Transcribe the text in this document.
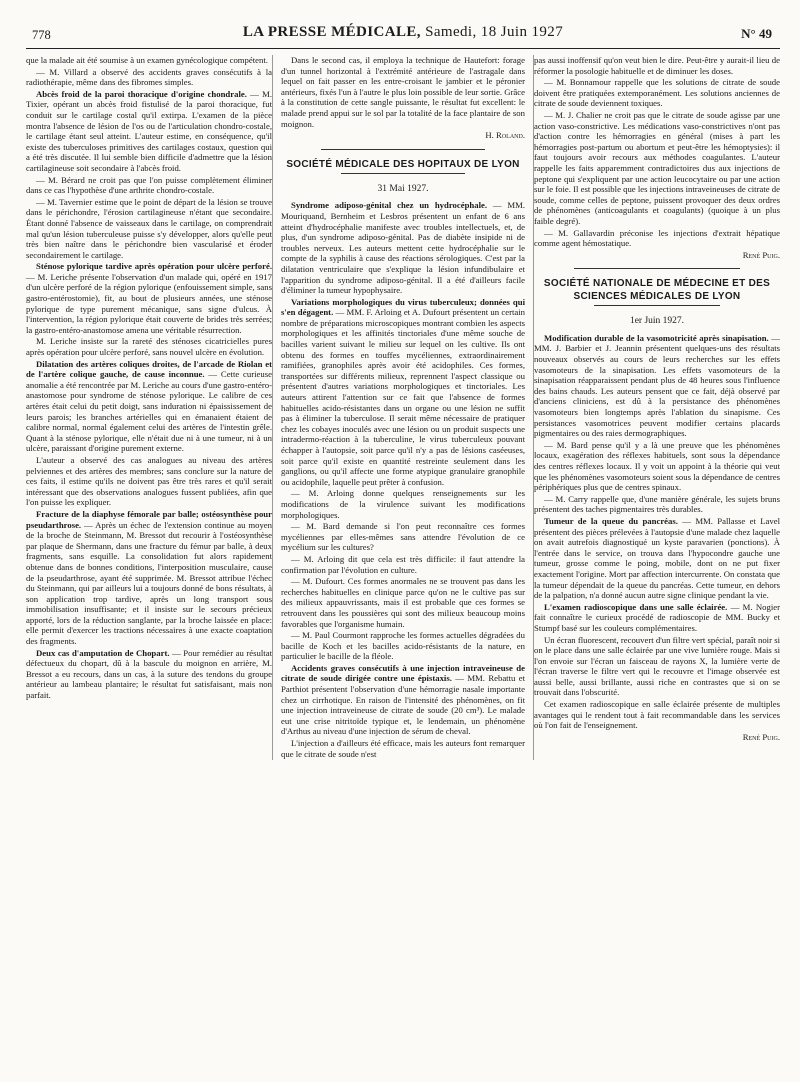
778	LA PRESSE MÉDICALE, Samedi, 18 Juin 1927	N° 49

que la malade ait été soumise à un examen gynécologique compétent.

— M. Villard a observé des accidents graves consécutifs à la radiothérapie, même dans des fibromes simples.

Abcès froid de la paroi thoracique d'origine chondrale. — M. Tixier, opérant un abcès froid fistulisé de la paroi thoracique, fut conduit sur le cartilage costal qu'il extirpa. L'examen de la pièce montra l'absence de lésion de l'os ou de l'articulation chondro-costale, le cartilage étant seul atteint. L'auteur estime, en conséquence, qu'il existe des tuberculoses primitives des cartilages costaux, question qui a été très discutée. Il lui semble bien difficile d'admettre que la lésion cartilagineuse soit secondaire à l'abcès froid.

— M. Bérard ne croit pas que l'on puisse complètement éliminer dans ce cas l'hypothèse d'une arthrite chondro-costale.

— M. Tavernier estime que le point de départ de la lésion se trouve dans le périchondre, l'érosion cartilagineuse n'étant que secondaire. Étant donné l'absence de vaisseaux dans le cartilage, on comprendrait mal qu'un lésion tuberculeuse puisse s'y développer, alors qu'elle peut très bien naître dans le périchondre bien vascularisé et éroder secondairement le cartilage.

Sténose pylorique tardive après opération pour ulcère perforé. — M. Leriche présente l'observation d'un malade qui, opéré en 1917 d'un ulcère perforé de la région pylorique (enfouissement simple, sans gastro-entérostomie), fit, au bout de plusieurs années, une sténose pylorique de type purement mécanique, sans signe d'ulcus. À l'intervention, la région pylorique était couverte de brides très serrées; la gastro-entéro-anastomose amena une véritable résurrection.

M. Leriche insiste sur la rareté des sténoses cicatricielles pures après opération pour ulcère perforé, sans nouvel ulcère en évolution.

Dilatation des artères coliques droites, de l'arcade de Riolan et de l'artère colique gauche, de cause inconnue. — Cette curieuse anomalie a été rencontrée par M. Leriche au cours d'une gastro-entéro-anastomose pour syndrome de sténose pylorique. Le calibre de ces artères était celui du petit doigt, sans induration ni épaississement de leurs parois; les branches artérielles qui en émanaient étaient de calibre normal, normal également celui des artères de l'intestin grêle. Quant à la sténose pylorique, elle n'était due ni à une tumeur, ni à un ulcère, paraissant d'origine purement externe.

L'auteur a observé des cas analogues au niveau des artères pelviennes et des artères des membres; sans conclure sur la nature de ces faits, il estime qu'ils ne doivent pas être très rares et qu'il serait intéressant que des observations analogues fussent publiées, afin que l'on puisse les expliquer.

Fracture de la diaphyse fémorale par balle; ostéosynthèse pour pseudarthrose. — Après un échec de l'extension continue au moyen de la broche de Steinmann, M. Bressot dut recourir à l'ostéosynthèse par plaque de Shermann, dans une fracture du fémur par balle, à deux fragments, sans esquille. La consolidation fut alors rapidement obtenue dans de bonnes conditions, l'interposition musculaire, cause de la pseudarthrose, ayant été supprimée. M. Bressot attribue l'échec du Steinmann, qui par ailleurs lui a toujours donné de bons résultats, à son application trop tardive, après un long transport sous immobilisation insuffisante; et il insiste sur le secours précieux apporté, lors de la réduction sanglante, par la broche laissée en place: elle permit d'exercer les tractions nécessaires à une exacte coaptation des fragments.

Deux cas d'amputation de Chopart. — Pour remédier au résultat défectueux du chopart, dû à la bascule du moignon en arrière, M. Bressot a eu recours, dans un cas, à la suture des tendons du groupe antérieur au lambeau plantaire; le résultat fut satisfaisant, mais non parfait.

Dans le second cas, il employa la technique de Hautefort: forage d'un tunnel horizontal à l'extrémité antérieure de l'astragale dans lequel on fait passer en les entre-croisant le jambier et le péronier antérieurs, fixés l'un à l'autre le plus loin possible de leur sortie. Grâce à la constitution de cette sangle puissante, le résultat fut excellent: le malade prend appui sur le sol par la totalité de la face plantaire de son moignon.

H. Roland.

SOCIÉTÉ MÉDICALE DES HOPITAUX DE LYON
31 Mai 1927.

Syndrome adiposo-génital chez un hydrocéphale. — MM. Mouriquand, Bernheim et Lesbros présentent un enfant de 6 ans atteint d'hydrocéphalie manifeste avec troubles intellectuels, et, de plus, d'un syndrome adiposo-génital. Pas de diabète insipide ni de troubles nerveux. Les auteurs mettent cette hydrocéphalie sur le compte de la syphilis à cause des réactions sérologiques. C'est par la dilatation ventriculaire que s'explique la lésion infundibulaire et l'apparition du syndrome adiposo-génital. Il a été d'ailleurs facile d'éliminer la tumeur hypophysaire.

Variations morphologiques du virus tuberculeux; données qui s'en dégagent. — MM. F. Arloing et A. Dufourt présentent un certain nombre de préparations microscopiques montrant combien les aspects morphologiques et les affinités tinctoriales d'une même souche de bacilles varient suivant le milieu sur lequel on les cultive. Ils ont obtenu des formes en touffes mycéliennes, extraordinairement ramifiées, granophiles après avoir été acidophiles. Ces formes, transportées sur différents milieux, reprennent l'aspect classique ou présentent d'autres variations morphologiques et tinctoriales. Les auteurs attirent l'attention sur ce fait que l'absence de formes habituelles acido-résistantes dans un organe ou une lésion ne suffit pas à éliminer la tuberculose. Il serait même nécessaire de pratiquer chez les cobayes inoculés avec une lésion ou un produit suspects une intradermo-réaction à la tuberculine, le virus tuberculeux pouvant échapper à l'autopsie, soit parce qu'il n'y a pas de lésions caséeuses, soit parce qu'il existe en quantité restreinte seulement dans les ganglions, ou qu'il affecte une forme atypique granulaire granophile ou acidophile, laquelle peut prêter à confusion.

— M. Arloing donne quelques renseignements sur les modifications de la virulence suivant les modifications morphologiques.

— M. Bard demande si l'on peut reconnaître ces formes mycéliennes par elles-mêmes sans attendre l'évolution de ce mycélium sur les cultures?

— M. Arloing dit que cela est très difficile: il faut attendre la confirmation par l'évolution en culture.

— M. Dufourt. Ces formes anormales ne se trouvent pas dans les recherches habituelles en clinique parce qu'on ne le cultive pas sur des milieux appauvrissants, mais il est probable que ces formes se retrouvent dans les poussières qui sont des milieux beaucoup moins favorables que l'organisme humain.

— M. Paul Courmont rapproche les formes actuelles dégradées du bacille de Koch et les bacilles acido-résistants de la nature, en particulier le bacille de la fléole.

Accidents graves consécutifs à une injection intraveineuse de citrate de soude dirigée contre une épistaxis. — MM. Rebattu et Parthiot présentent l'observation d'une hémorragie nasale importante chez un cirrhotique. En raison de l'intensité des phénomènes, on fit une injection intraveineuse de citrate de soude (20 cm³). Le malade eut une crise nitritoïde typique et, le lendemain, un phénomène d'Arthus au niveau d'une injection de sérum de cheval.

L'injection a d'ailleurs été efficace, mais les auteurs font remarquer que le citrate de soude n'est

pas aussi inoffensif qu'on veut bien le dire. Peut-être y aurait-il lieu de réformer la posologie habituelle et de diminuer les doses.

— M. Bonnamour rappelle que les solutions de citrate de soude doivent être pratiquées extemporanément. Les solutions anciennes de citrate de soude deviennent toxiques.

— M. J. Chalier ne croit pas que le citrate de soude agisse par une action vaso-constrictive. Les médications vaso-constrictives n'ont pas d'action contre les hémorragies en général (mises à part les hémorragies post-partum ou abortum et peut-être les hémoptysies): il faut toujours avoir recours aux méthodes coagulantes. L'auteur rappelle les faits apparemment contradictoires dus aux injections de peptone qui s'expliquent par une action leucocytaire ou par une action sur le foie. Il est possible que les injections intraveineuses de citrate de soude, comme celles de peptone, puissent provoquer des deux ordres de phénomènes (anticoagulants et coagulants) (quoique à un plus faible degré).

— M. Gallavardin préconise les injections d'extrait hépatique comme agent hémostatique.

René Puig.

SOCIÉTÉ NATIONALE DE MÉDECINE ET DES SCIENCES MÉDICALES DE LYON
1er Juin 1927.

Modification durable de la vasomotricité après sinapisation. — MM. J. Barbier et J. Jeannin présentent quelques-uns des résultats nouveaux observés au cours de leurs recherches sur les effets vasomoteurs de la sinapisation. Les effets vasomoteurs de la sinapisation réapparaissent pendant plus de 48 heures sous l'influence des bains chauds. Les auteurs pensent que ce fait, déjà observé par d'anciens cliniciens, est dû à la persistance des phénomènes vasomoteurs bien longtemps après l'ablation du sinapisme. Ces persistances vasomotrices peuvent modifier certains placards pigmentaires ou des raies dermographiques.

— M. Bard pense qu'il y a là une preuve que les phénomènes locaux, exagération des réflexes habituels, sont sous la dépendance des centres réflexes locaux. Il y voit un appoint à la théorie qui veut que les phénomènes vasomoteurs soient sous la dépendance de centres périphériques plus que de centres spinaux.

— M. Carry rappelle que, d'une manière générale, les sujets bruns présentent des taches pigmentaires très durables.

Tumeur de la queue du pancréas. — MM. Pallasse et Lavel présentent des pièces prélevées à l'autopsie d'une malade chez laquelle on avait autrefois diagnostiqué un kyste paravarien (ponctions). À l'entrée dans le service, on trouva dans l'hypocondre gauche une tumeur, grosse comme le poing, mobile, dont on ne put fixer exactement l'origine. Mort par affection intercurrente. On constata que la tumeur dépendait de la queue du pancréas. Cette tumeur, en dehors de la palpation, n'a donné aucun autre signe clinique pendant la vie.

L'examen radioscopique dans une salle éclairée. — M. Nogier fait connaître le curieux procédé de radioscopie de MM. Bucky et Stumpf basé sur les couleurs complémentaires.

Un écran fluorescent, recouvert d'un filtre vert spécial, paraît noir si on le place dans une salle éclairée par une vive lumière rouge. Mais si l'on envoie sur l'écran un faisceau de rayons X, la lumière verte de l'écran traverse le filtre vert qui le recouvre et l'image observée est aussi belle, aussi brillante, aussi riche en contrastes que si on se trouvait dans l'obscurité.

Cet examen radioscopique en salle éclairée présente de multiples avantages qui le rendent tout à fait recommandable dans les services où l'on fait de l'enseignement.

René Puig.
